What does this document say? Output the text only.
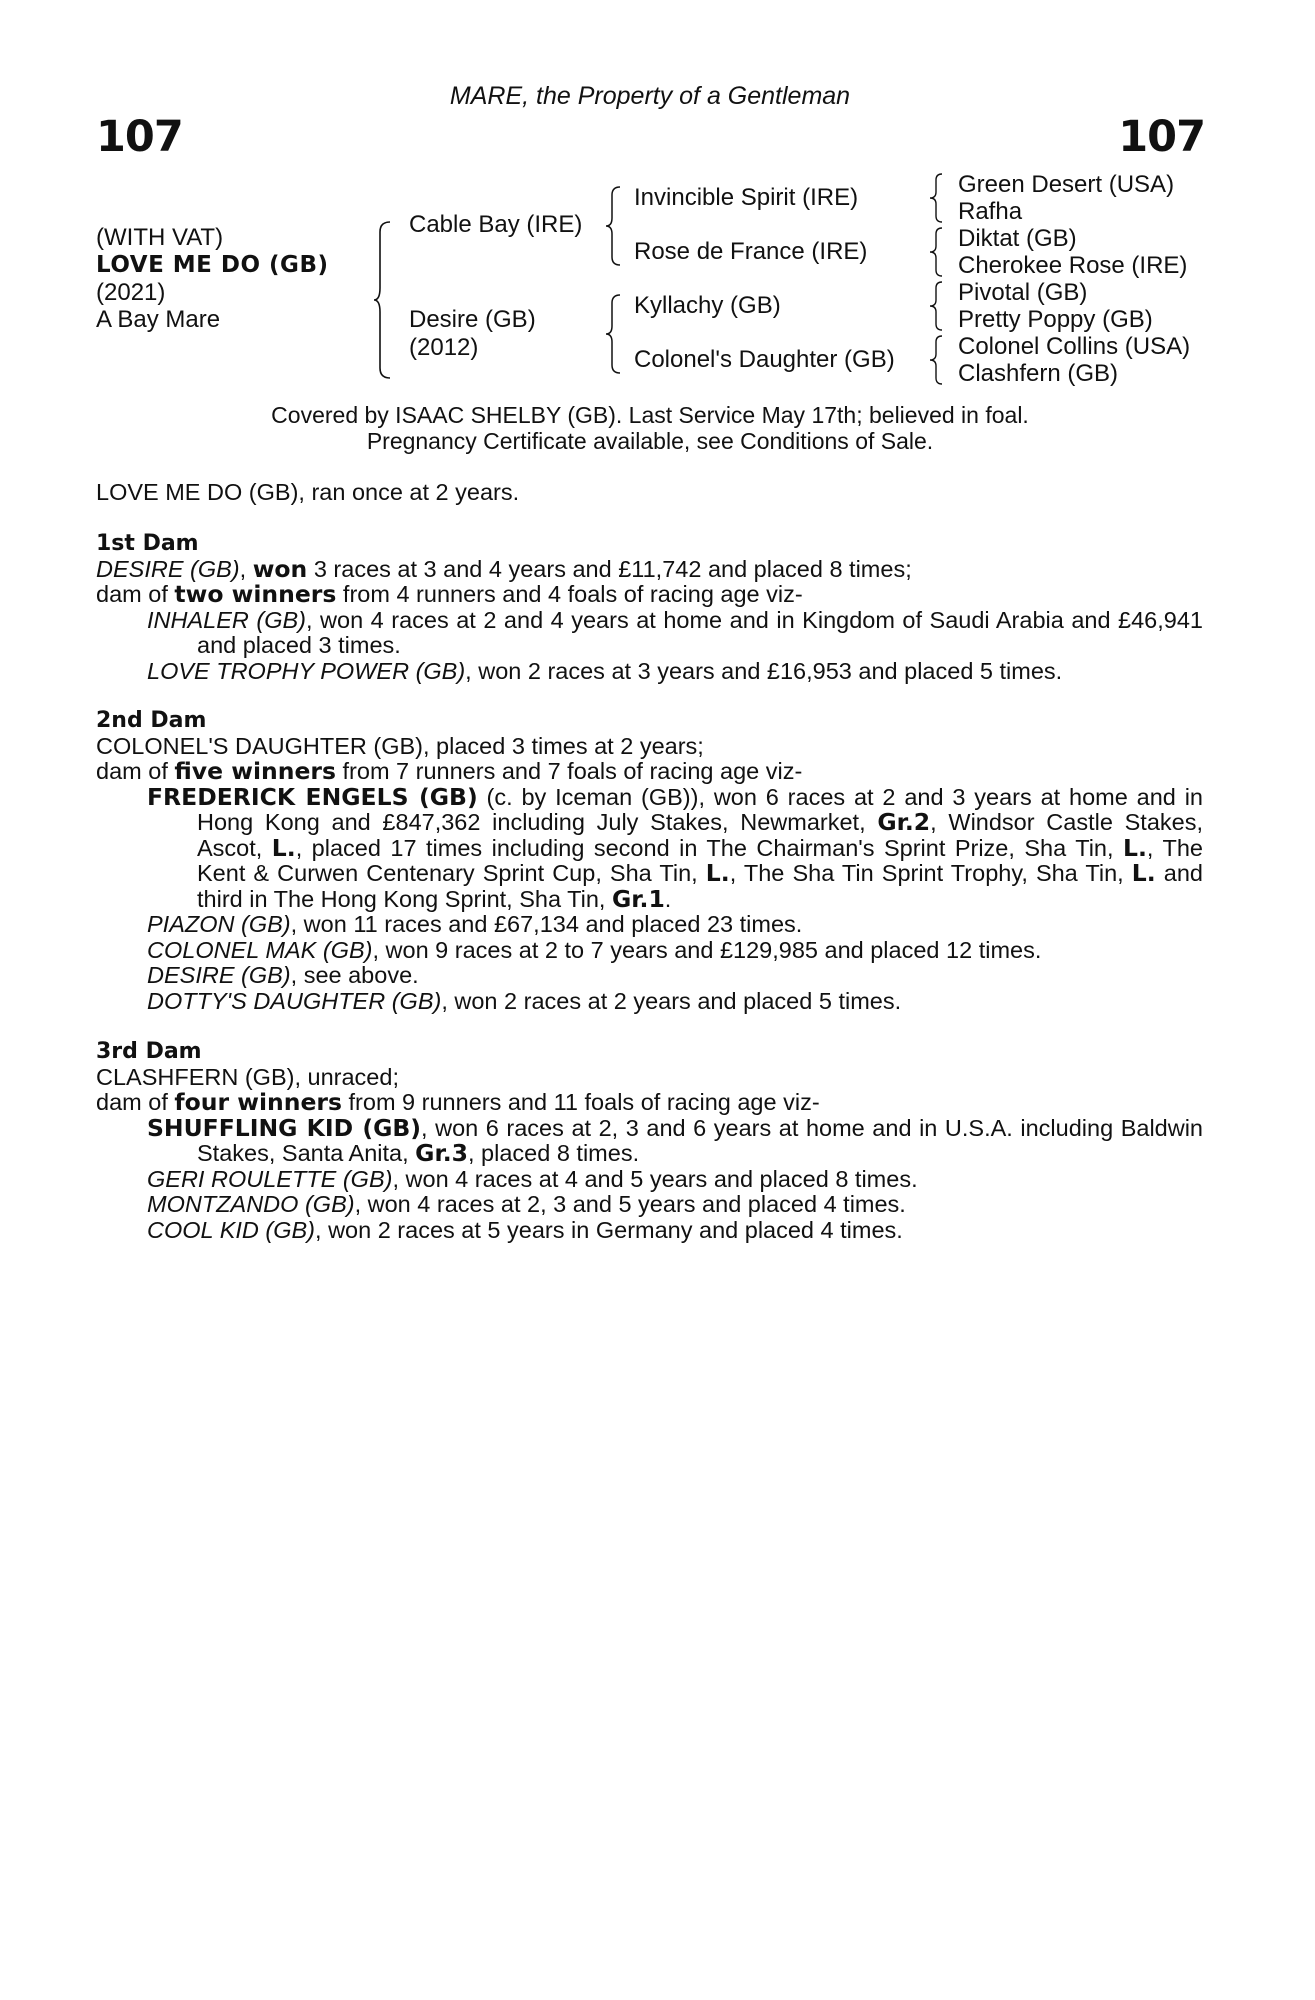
MARE, the Property of a Gentleman
107	107
(WITH VAT)
LOVE ME DO (GB)
(2021)
A Bay Mare
Cable Bay (IRE)
Desire (GB)
(2012)
Invincible Spirit (IRE)
Rose de France (IRE)
Kyllachy (GB)
Colonel's Daughter (GB)
Green Desert (USA)
Rafha
Diktat (GB)
Cherokee Rose (IRE)
Pivotal (GB)
Pretty Poppy (GB)
Colonel Collins (USA)
Clashfern (GB)
Covered by ISAAC SHELBY (GB). Last Service May 17th; believed in foal.
Pregnancy Certificate available, see Conditions of Sale.

LOVE ME DO (GB), ran once at 2 years.

1st Dam

DESIRE (GB), won 3 races at 3 and 4 years and £11,742 and placed 8 times;

dam of two winners from 4 runners and 4 foals of racing age viz-

INHALER (GB), won 4 races at 2 and 4 years at home and in Kingdom of Saudi Arabia and £46,941 and placed 3 times.

LOVE TROPHY POWER (GB), won 2 races at 3 years and £16,953 and placed 5 times.

2nd Dam

COLONEL'S DAUGHTER (GB), placed 3 times at 2 years;

dam of five winners from 7 runners and 7 foals of racing age viz-

FREDERICK ENGELS (GB) (c. by Iceman (GB)), won 6 races at 2 and 3 years at home and in Hong Kong and £847,362 including July Stakes, Newmarket, Gr.2, Windsor Castle Stakes, Ascot, L., placed 17 times including second in The Chairman's Sprint Prize, Sha Tin, L., The Kent & Curwen Centenary Sprint Cup, Sha Tin, L., The Sha Tin Sprint Trophy, Sha Tin, L. and third in The Hong Kong Sprint, Sha Tin, Gr.1.

PIAZON (GB), won 11 races and £67,134 and placed 23 times.

COLONEL MAK (GB), won 9 races at 2 to 7 years and £129,985 and placed 12 times.

DESIRE (GB), see above.

DOTTY'S DAUGHTER (GB), won 2 races at 2 years and placed 5 times.

3rd Dam

CLASHFERN (GB), unraced;

dam of four winners from 9 runners and 11 foals of racing age viz-

SHUFFLING KID (GB), won 6 races at 2, 3 and 6 years at home and in U.S.A. including Baldwin Stakes, Santa Anita, Gr.3, placed 8 times.

GERI ROULETTE (GB), won 4 races at 4 and 5 years and placed 8 times.

MONTZANDO (GB), won 4 races at 2, 3 and 5 years and placed 4 times.

COOL KID (GB), won 2 races at 5 years in Germany and placed 4 times.
